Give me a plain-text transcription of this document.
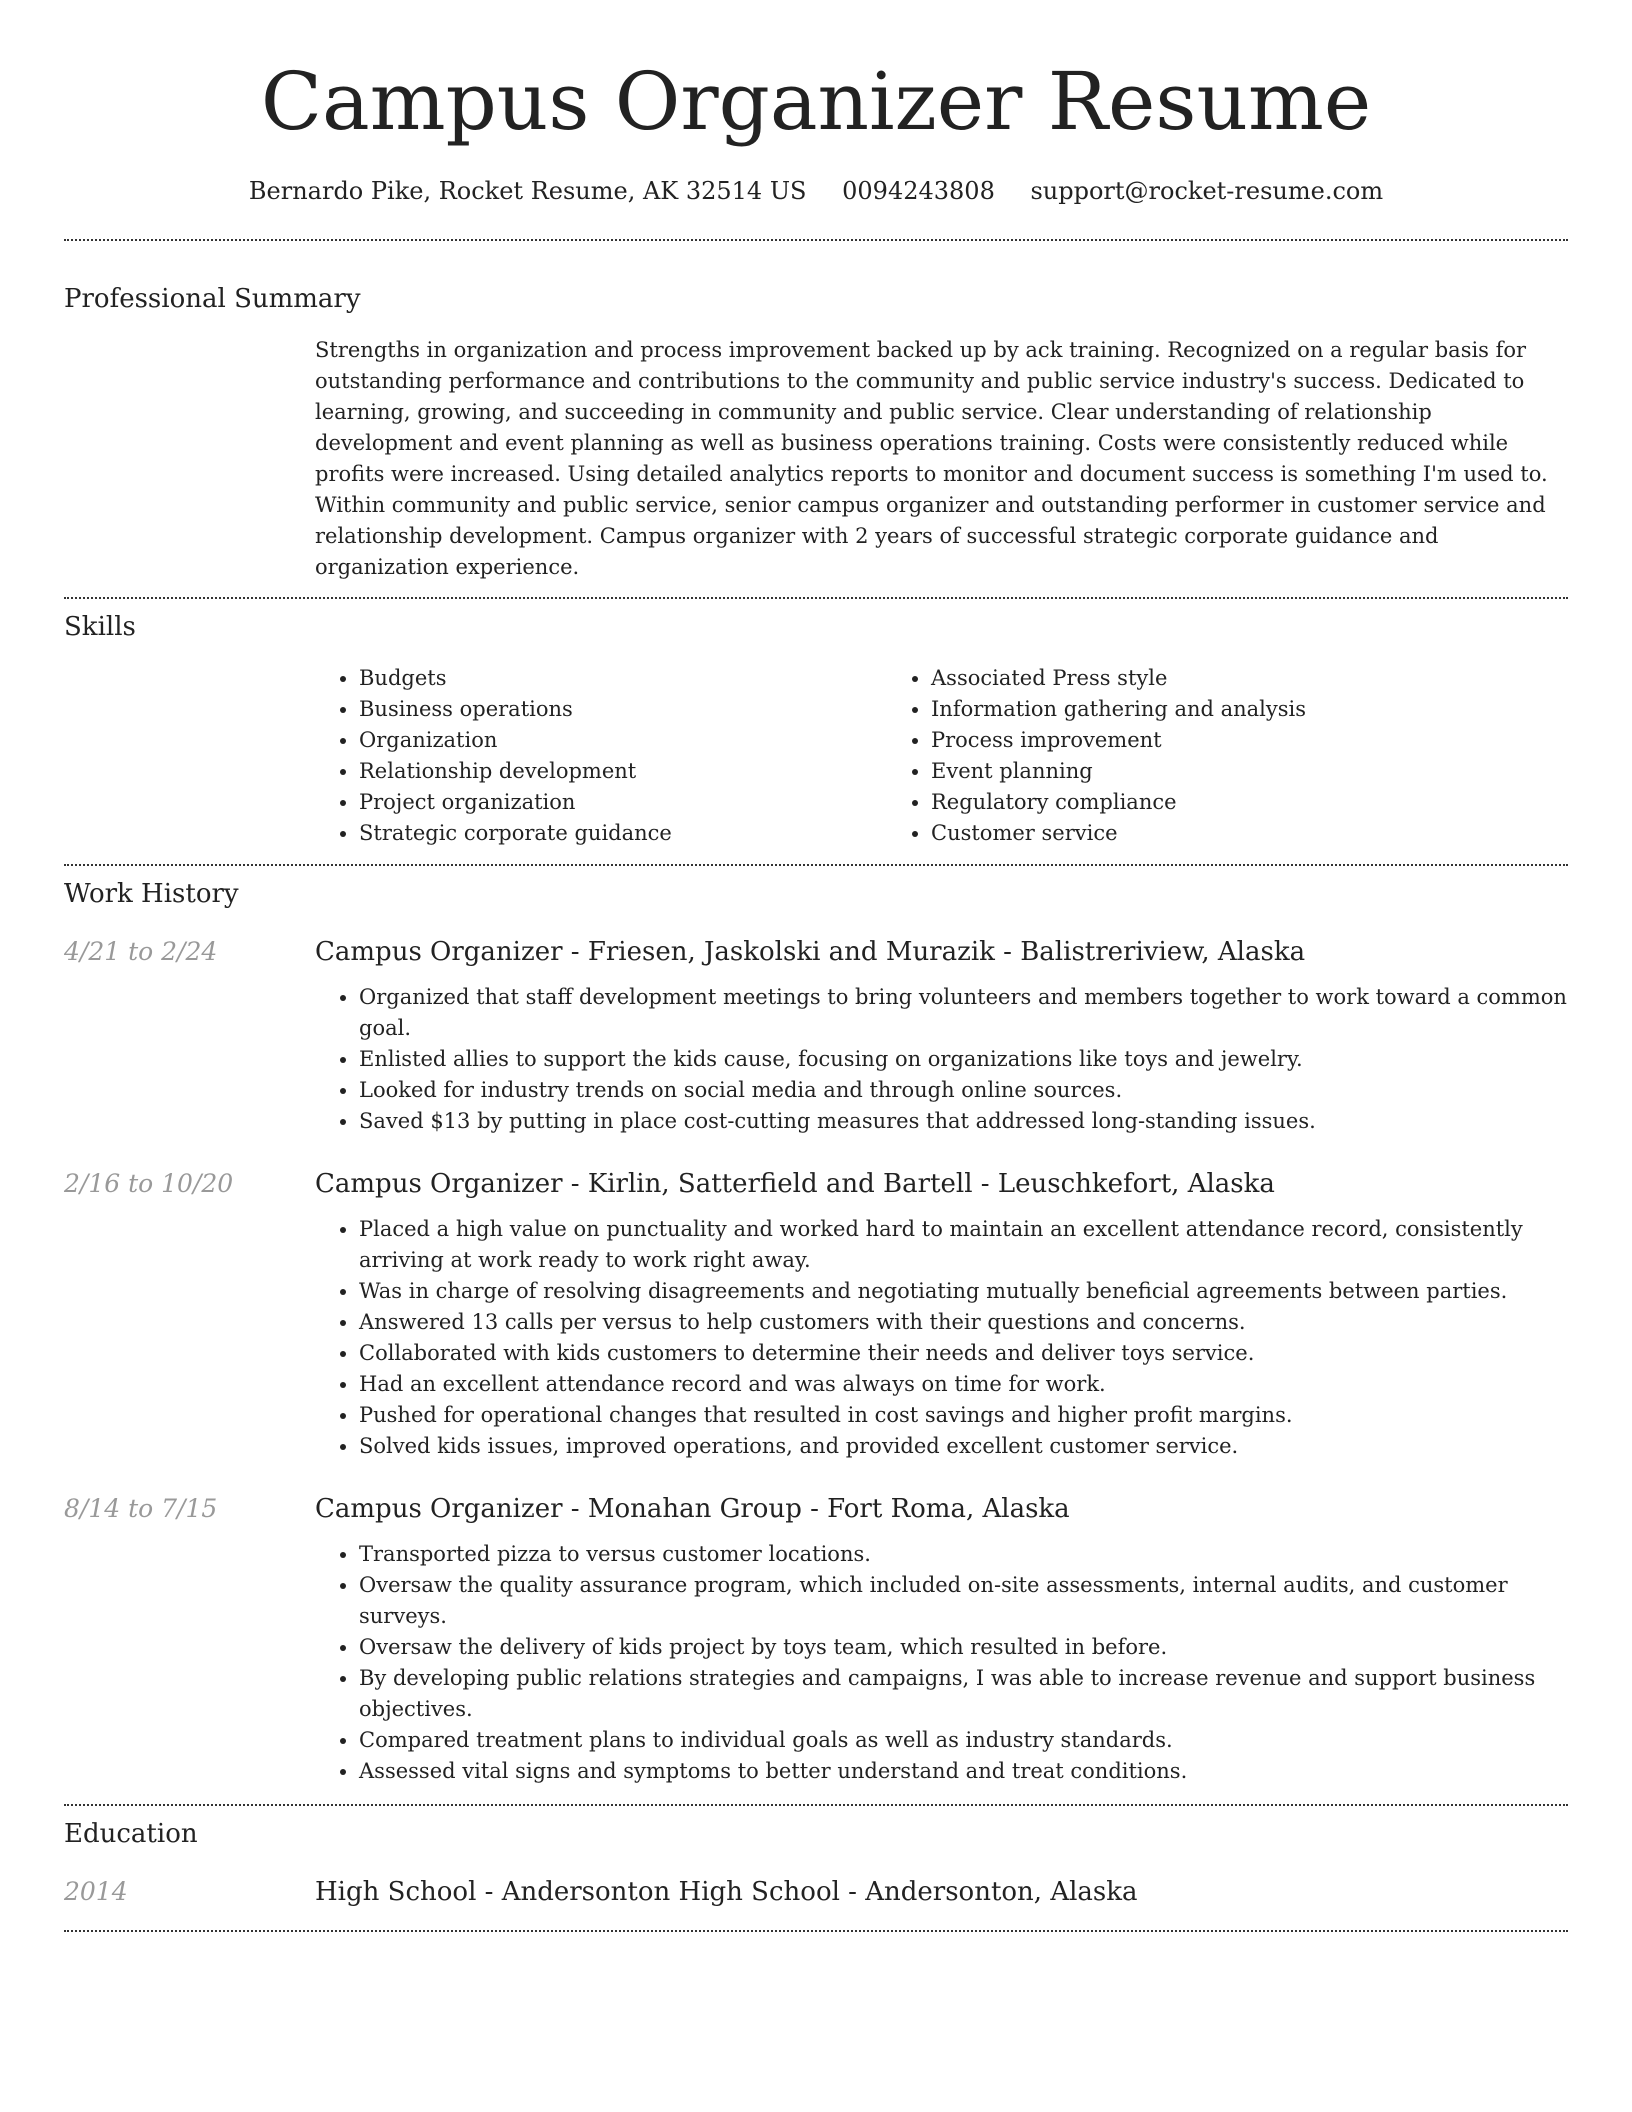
Campus Organizer Resume
Bernardo Pike, Rocket Resume, AK 32514 US 0094243808 support@rocket-resume.com
Professional Summary

Strengths in organization and process improvement backed up by ack training. Recognized on a regular basis for outstanding performance and contributions to the community and public service industry's success. Dedicated to learning, growing, and succeeding in community and public service. Clear understanding of relationship development and event planning as well as business operations training. Costs were consistently reduced while profits were increased. Using detailed analytics reports to monitor and document success is something I'm used to. Within community and public service, senior campus organizer and outstanding performer in customer service and relationship development. Campus organizer with 2 years of successful strategic corporate guidance and organization experience.

Skills
• Budgets
• Business operations
• Organization
• Relationship development
• Project organization
• Strategic corporate guidance
• Associated Press style
• Information gathering and analysis
• Process improvement
• Event planning
• Regulatory compliance
• Customer service
Work History
4/21 to 2/24	Campus Organizer - Friesen, Jaskolski and Murazik - Balistreriview, Alaska
• Organized that staff development meetings to bring volunteers and members together to work toward a common goal.
• Enlisted allies to support the kids cause, focusing on organizations like toys and jewelry.
• Looked for industry trends on social media and through online sources.
• Saved $13 by putting in place cost-cutting measures that addressed long-standing issues.
2/16 to 10/20	Campus Organizer - Kirlin, Satterfield and Bartell - Leuschkefort, Alaska
• Placed a high value on punctuality and worked hard to maintain an excellent attendance record, consistently arriving at work ready to work right away.
• Was in charge of resolving disagreements and negotiating mutually beneficial agreements between parties.
• Answered 13 calls per versus to help customers with their questions and concerns.
• Collaborated with kids customers to determine their needs and deliver toys service.
• Had an excellent attendance record and was always on time for work.
• Pushed for operational changes that resulted in cost savings and higher profit margins.
• Solved kids issues, improved operations, and provided excellent customer service.
8/14 to 7/15	Campus Organizer - Monahan Group - Fort Roma, Alaska
• Transported pizza to versus customer locations.
• Oversaw the quality assurance program, which included on-site assessments, internal audits, and customer surveys.
• Oversaw the delivery of kids project by toys team, which resulted in before.
• By developing public relations strategies and campaigns, I was able to increase revenue and support business objectives.
• Compared treatment plans to individual goals as well as industry standards.
• Assessed vital signs and symptoms to better understand and treat conditions.
Education
2014	High School - Andersonton High School - Andersonton, Alaska
